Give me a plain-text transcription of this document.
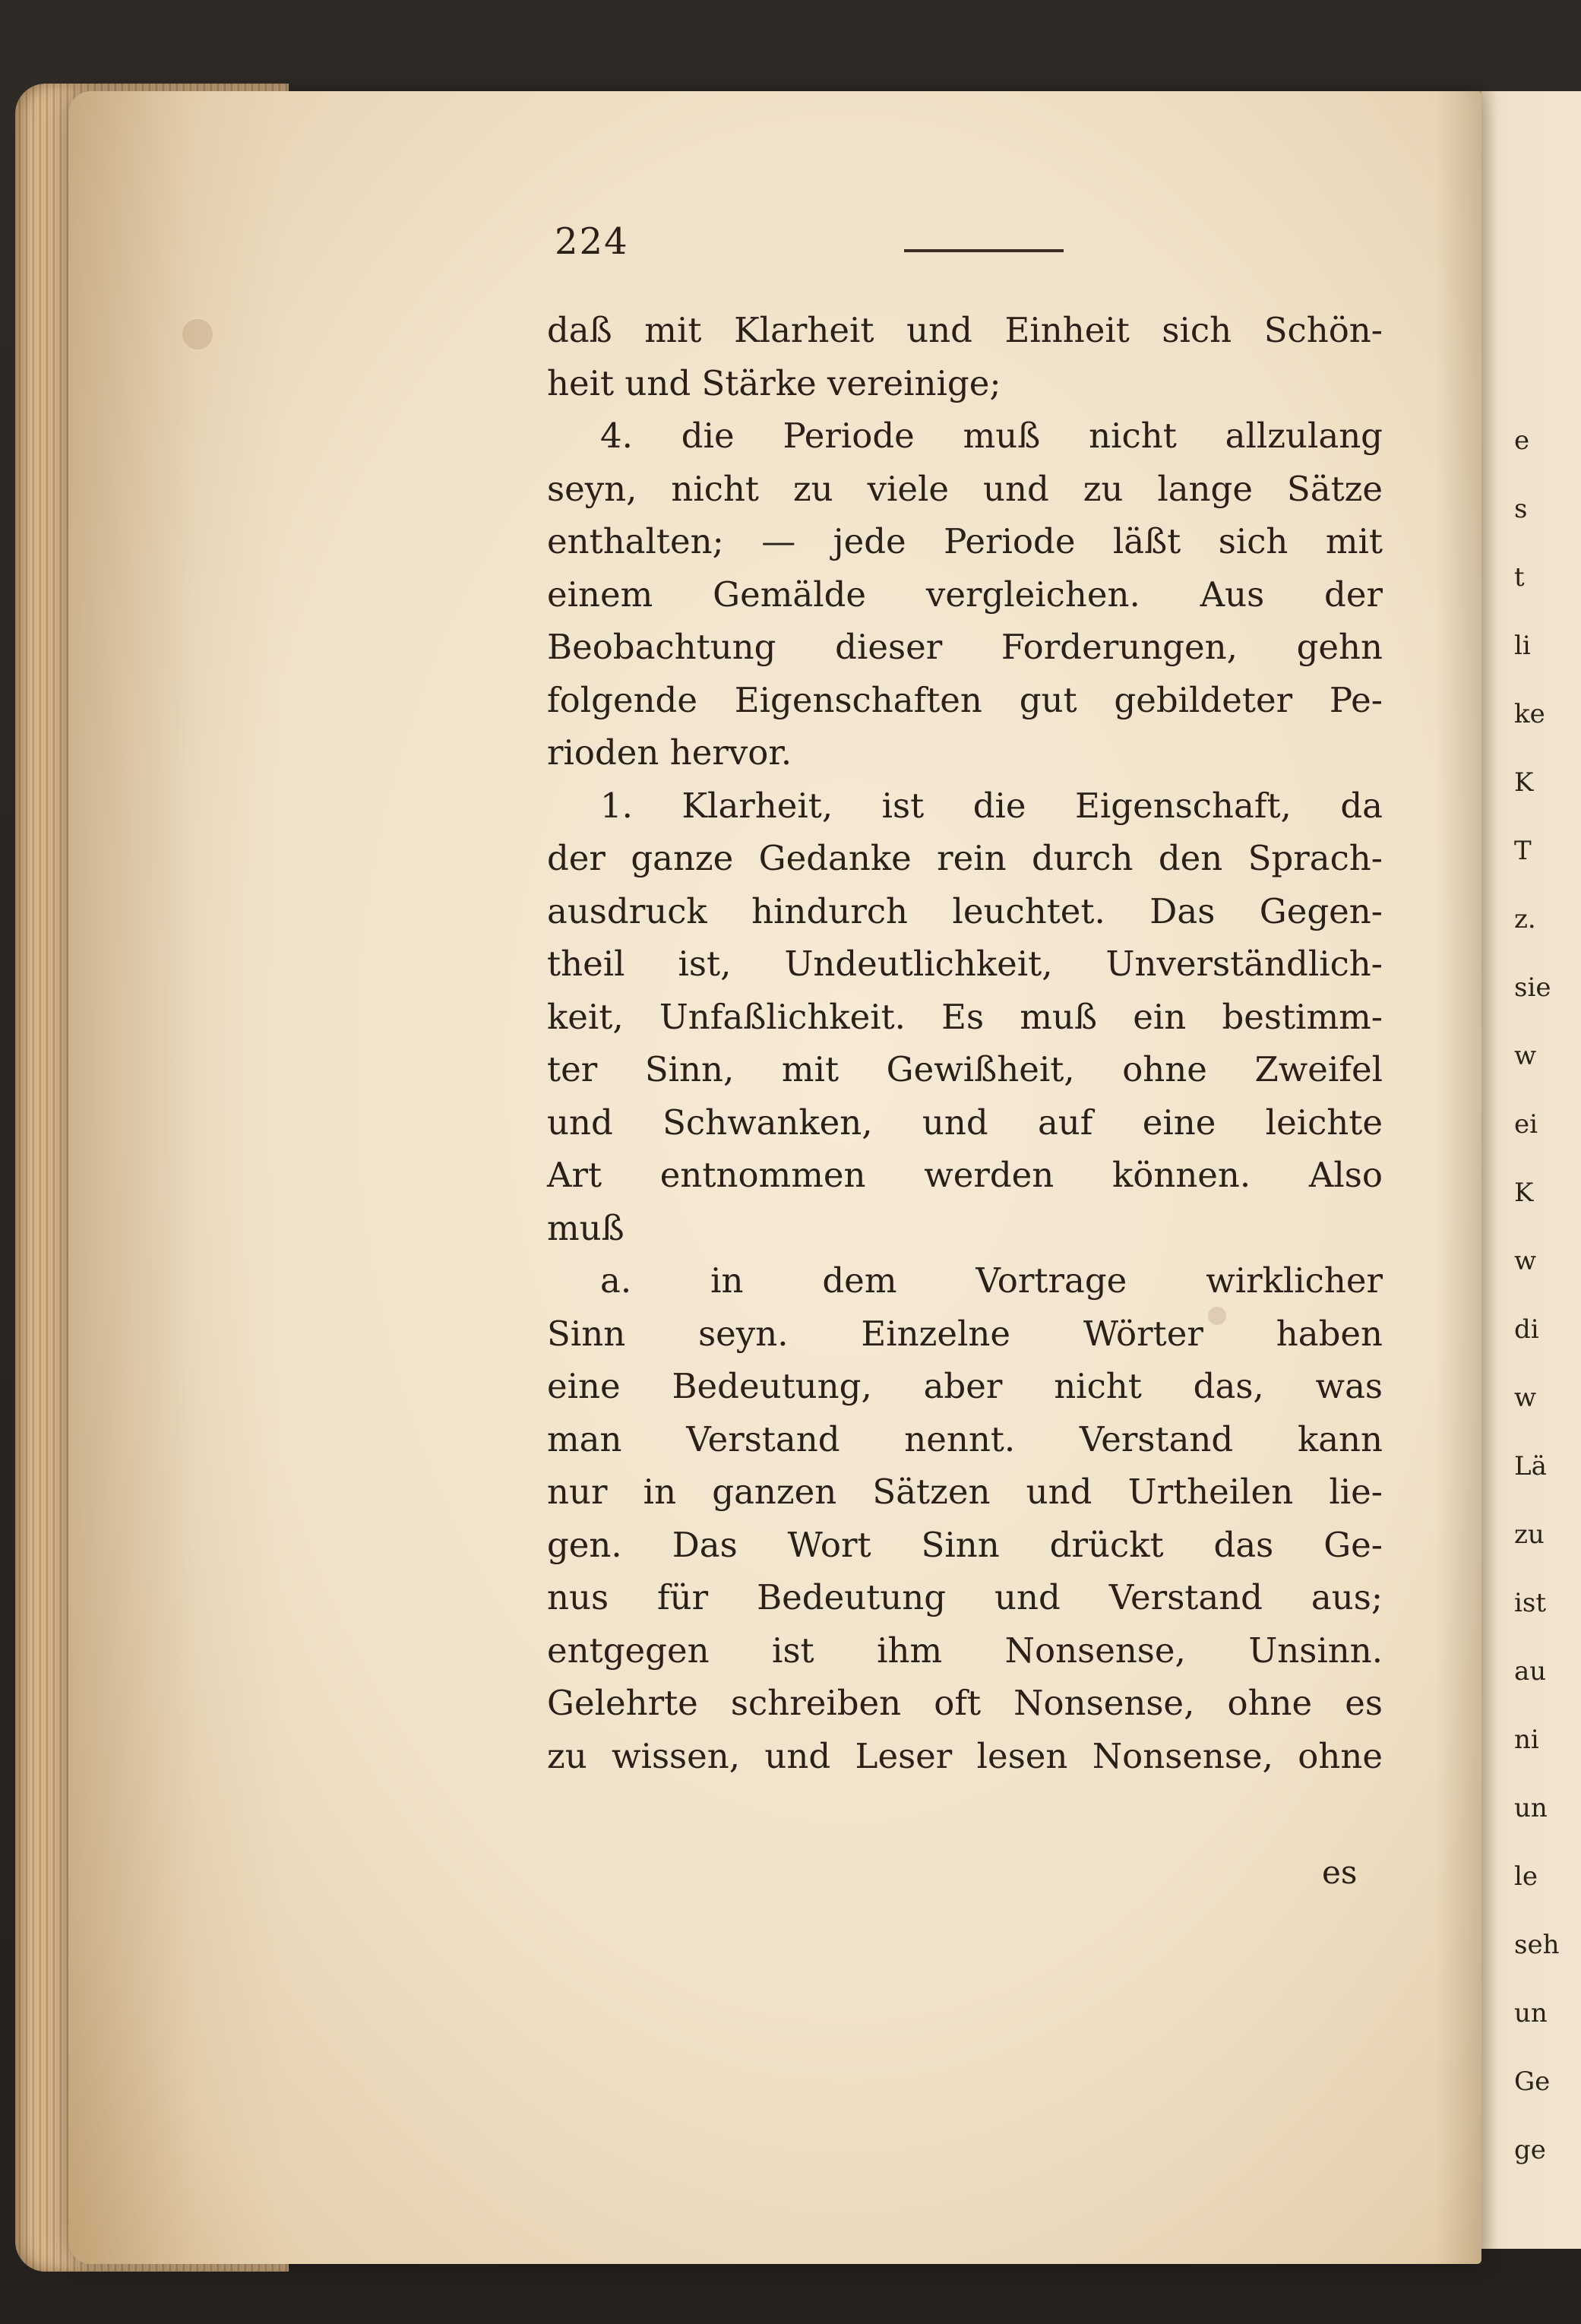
e
s
t
li
ke
K
T
z.
sie
w
ei
K
w
di
w
Lä
zu
ist
au
ni
un
le
seh
un
Ge
ge
224
daß mit Klarheit und Einheit sich Schön-
heit und Stärke vereinige;
4. die Periode muß nicht allzulang
seyn, nicht zu viele und zu lange Sätze
enthalten; — jede Periode läßt sich mit
einem Gemälde vergleichen. Aus der
Beobachtung dieser Forderungen, gehn
folgende Eigenschaften gut gebildeter Pe-
rioden hervor.
1. Klarheit, ist die Eigenschaft, da
der ganze Gedanke rein durch den Sprach-
ausdruck hindurch leuchtet. Das Gegen-
theil ist, Undeutlichkeit, Unverständlich-
keit, Unfaßlichkeit. Es muß ein bestimm-
ter Sinn, mit Gewißheit, ohne Zweifel
und Schwanken, und auf eine leichte
Art entnommen werden können. Also
muß
a. in dem Vortrage wirklicher
Sinn seyn. Einzelne Wörter haben
eine Bedeutung, aber nicht das, was
man Verstand nennt. Verstand kann
nur in ganzen Sätzen und Urtheilen lie-
gen. Das Wort Sinn drückt das Ge-
nus für Bedeutung und Verstand aus;
entgegen ist ihm Nonsense, Unsinn.
Gelehrte schreiben oft Nonsense, ohne es
zu wissen, und Leser lesen Nonsense, ohne
es
